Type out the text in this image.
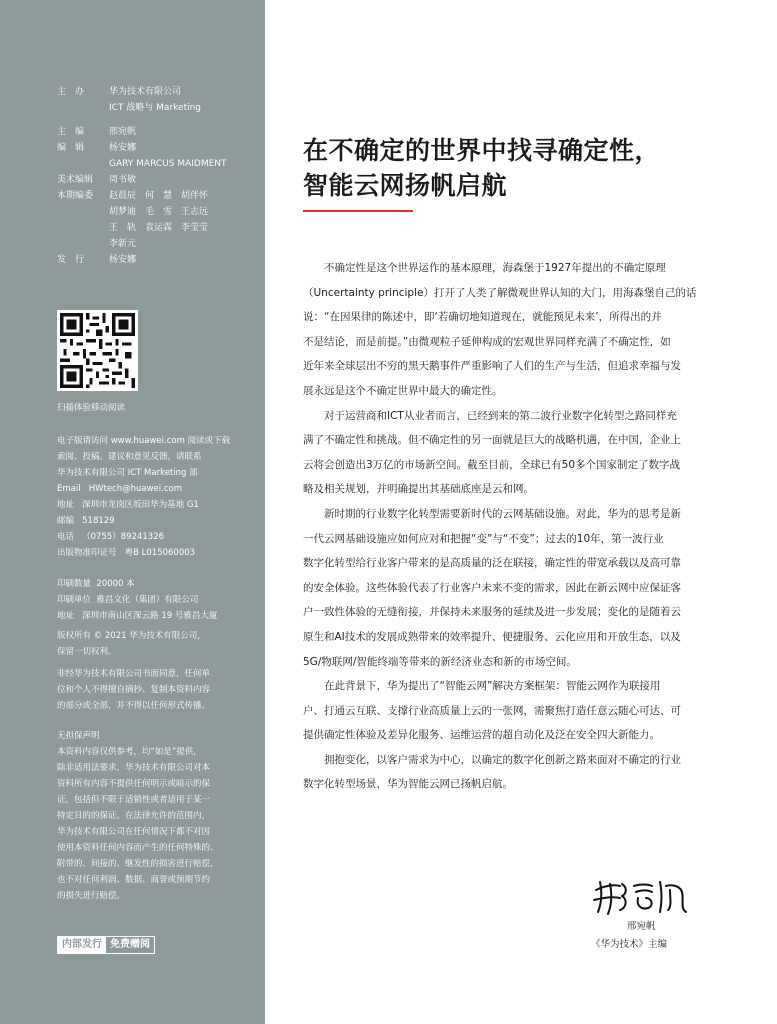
主　办	华为技术有限公司
ICT 战略与 Marketing
主　编	邢宛帆
编　辑	杨安娜
GARY MARCUS MAIDMENT
美术编辑	周书敏
本期编委	赵晨辰　何　慧　胡伴怀
胡梦迪　毛　雪　王志远
王　轨　袁运霖　李莹莹
李新元
发　行	杨安娜
扫描体验移动阅读
电子版请访问 www.huawei.com 阅读或下载
索阅、投稿、建议和意见反馈，请联系
华为技术有限公司 ICT Marketing 部
Email HWtech@huawei.com
地址 深圳市龙岗区坂田华为基地 G1
邮编 518129
电话 （0755）89241326
出版物准印证号 粤B L015060003
印刷数量 20000 本
印刷单位 雅昌文化（集团）有限公司
地址 深圳市南山区深云路 19 号雅昌大厦
版权所有 © 2021 华为技术有限公司，
保留一切权利。
非经华为技术有限公司书面同意，任何单
位和个人不得擅自摘抄、复制本资料内容
的部分或全部，并不得以任何形式传播。
无担保声明
本资料内容仅供参考，均“如是”提供，
除非适用法要求，华为技术有限公司对本
资料所有内容不提供任何明示或暗示的保
证，包括但不限于适销性或者适用于某一
特定目的的保证。在法律允许的范围内，
华为技术有限公司在任何情况下都不对因
使用本资料任何内容而产生的任何特殊的、
附带的、间接的、继发性的损害进行赔偿，
也不对任何利润、数据、商誉或预期节约
的损失进行赔偿。
内部发行 免费赠阅
在不确定的世界中找寻确定性，
智能云网扬帆启航
　　不确定性是这个世界运作的基本原理，海森堡于1927年提出的不确定原理
（Uncertainty principle）打开了人类了解微观世界认知的大门，用海森堡自己的话
说：“在因果律的陈述中，即‘若确切地知道现在，就能预见未来’，所得出的并
不是结论，而是前提。”由微观粒子延伸构成的宏观世界同样充满了不确定性，如
近年来全球层出不穷的黑天鹅事件严重影响了人们的生产与生活，但追求幸福与发
展永远是这个不确定世界中最大的确定性。
　　对于运营商和ICT从业者而言，已经到来的第二波行业数字化转型之路同样充
满了不确定性和挑战。但不确定性的另一面就是巨大的战略机遇，在中国，企业上
云将会创造出3万亿的市场新空间。截至目前，全球已有50多个国家制定了数字战
略及相关规划，并明确提出其基础底座是云和网。
　　新时期的行业数字化转型需要新时代的云网基础设施。对此，华为的思考是新
一代云网基础设施应如何应对和把握“变”与“不变”；过去的10年，第一波行业
数字化转型给行业客户带来的是高质量的泛在联接，确定性的带宽承载以及高可靠
的安全体验。这些体验代表了行业客户未来不变的需求，因此在新云网中应保证客
户一致性体验的无缝衔接，并保持未来服务的延续及进一步发展；变化的是随着云
原生和AI技术的发展成熟带来的效率提升、便捷服务、云化应用和开放生态，以及
5G/物联网/智能终端等带来的新经济业态和新的市场空间。
　　在此背景下，华为提出了“智能云网”解决方案框架：智能云网作为联接用
户、打通云互联、支撑行业高质量上云的一张网，需聚焦打造任意云随心可达、可
提供确定性体验及差异化服务、运维运营的超自动化及泛在安全四大新能力。
　　拥抱变化，以客户需求为中心，以确定的数字化创新之路来面对不确定的行业
数字化转型场景，华为智能云网已扬帆启航。
邢宛帆
《华为技术》主编
